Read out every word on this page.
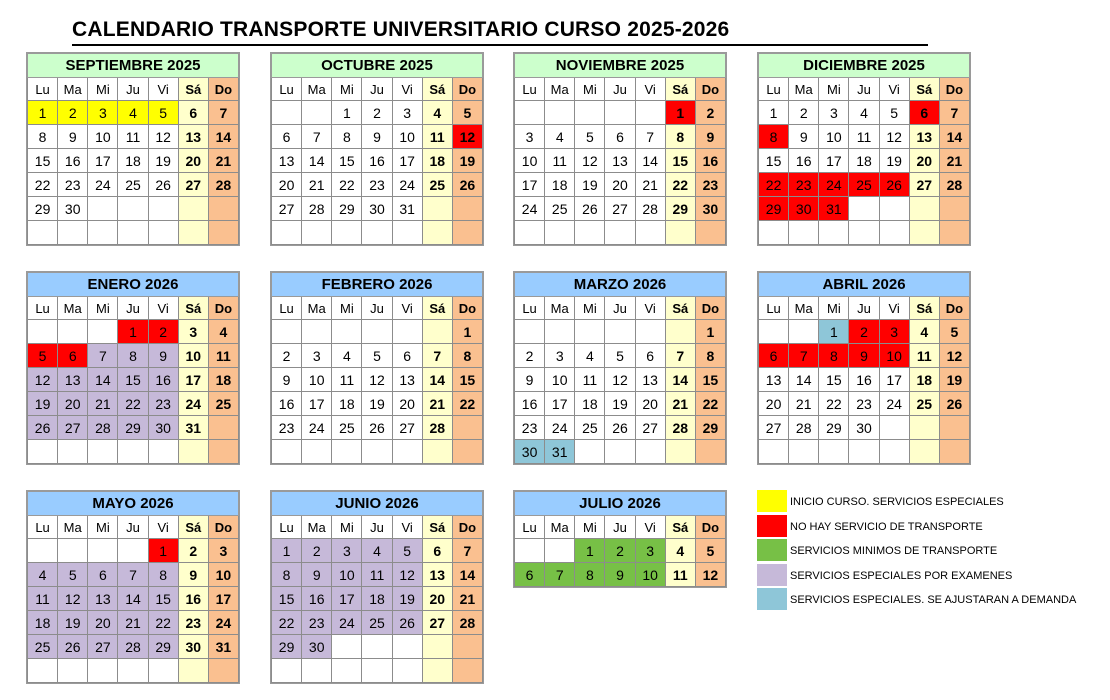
CALENDARIO TRANSPORTE UNIVERSITARIO CURSO 2025-2026
SEPTIEMBRE 2025						
Lu	Ma	Mi	Ju	Vi	Sá	Do
1	2	3	4	5	6	7
8	9	10	11	12	13	14
15	16	17	18	19	20	21
22	23	24	25	26	27	28
29	30					

OCTUBRE 2025						
Lu	Ma	Mi	Ju	Vi	Sá	Do
		1	2	3	4	5
6	7	8	9	10	11	12
13	14	15	16	17	18	19
20	21	22	23	24	25	26
27	28	29	30	31		

NOVIEMBRE 2025						
Lu	Ma	Mi	Ju	Vi	Sá	Do
					1	2
3	4	5	6	7	8	9
10	11	12	13	14	15	16
17	18	19	20	21	22	23
24	25	26	27	28	29	30

DICIEMBRE 2025						
Lu	Ma	Mi	Ju	Vi	Sá	Do
1	2	3	4	5	6	7
8	9	10	11	12	13	14
15	16	17	18	19	20	21
22	23	24	25	26	27	28
29	30	31				

ENERO 2026						
Lu	Ma	Mi	Ju	Vi	Sá	Do
			1	2	3	4
5	6	7	8	9	10	11
12	13	14	15	16	17	18
19	20	21	22	23	24	25
26	27	28	29	30	31	

FEBRERO 2026						
Lu	Ma	Mi	Ju	Vi	Sá	Do
						1
2	3	4	5	6	7	8
9	10	11	12	13	14	15
16	17	18	19	20	21	22
23	24	25	26	27	28	

MARZO 2026						
Lu	Ma	Mi	Ju	Vi	Sá	Do
						1
2	3	4	5	6	7	8
9	10	11	12	13	14	15
16	17	18	19	20	21	22
23	24	25	26	27	28	29
30	31					
ABRIL 2026						
Lu	Ma	Mi	Ju	Vi	Sá	Do
		1	2	3	4	5
6	7	8	9	10	11	12
13	14	15	16	17	18	19
20	21	22	23	24	25	26
27	28	29	30			

MAYO 2026						
Lu	Ma	Mi	Ju	Vi	Sá	Do
				1	2	3
4	5	6	7	8	9	10
11	12	13	14	15	16	17
18	19	20	21	22	23	24
25	26	27	28	29	30	31

JUNIO 2026						
Lu	Ma	Mi	Ju	Vi	Sá	Do
1	2	3	4	5	6	7
8	9	10	11	12	13	14
15	16	17	18	19	20	21
22	23	24	25	26	27	28
29	30					

JULIO 2026						
Lu	Ma	Mi	Ju	Vi	Sá	Do
		1	2	3	4	5
6	7	8	9	10	11	12
INICIO CURSO. SERVICIOS ESPECIALES
NO HAY SERVICIO DE TRANSPORTE
SERVICIOS MINIMOS DE TRANSPORTE
SERVICIOS ESPECIALES POR EXAMENES
SERVICIOS ESPECIALES. SE AJUSTARAN A DEMANDA
